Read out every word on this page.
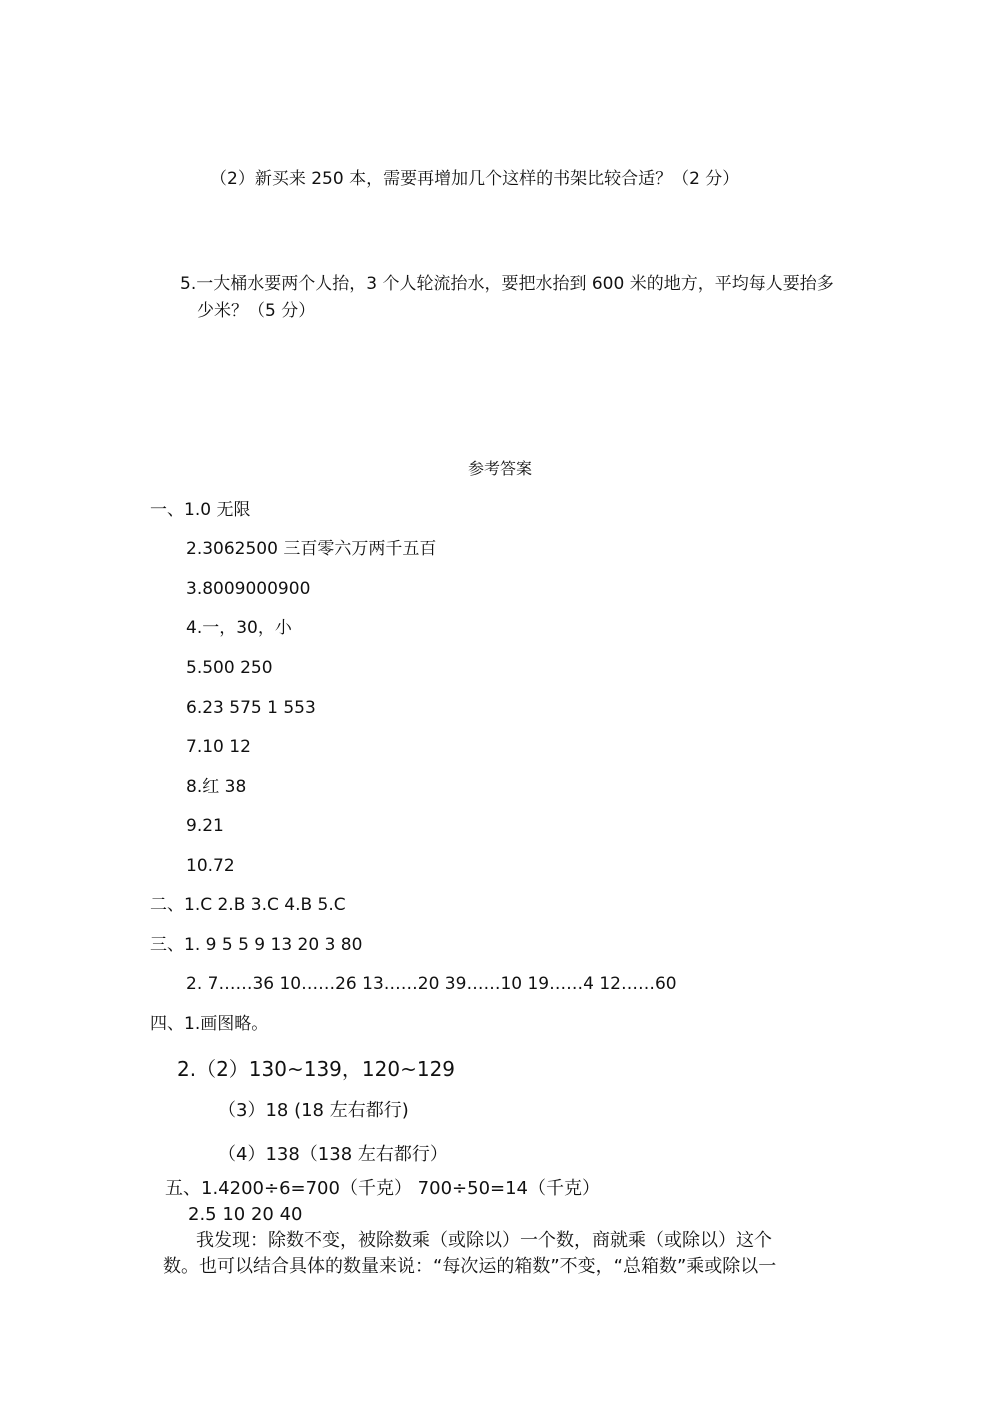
（2）新买来 250 本，需要再增加几个这样的书架比较合适？（2 分）
5.一大桶水要两个人抬，3 个人轮流抬水，要把水抬到 600 米的地方，平均每人要抬多
少米？（5 分）
参考答案
一、1.0 无限
2.3062500 三百零六万两千五百
3.8009000900
4.一，30，小
5.500 250
6.23 575 1 553
7.10 12
8.红 38
9.21
10.72
二、1.C 2.B 3.C 4.B 5.C
三、1. 9 5 5 9 13 20 3 80
2. 7……36 10……26 13……20 39……10 19……4 12……60
四、1.画图略。
2.（2）130~139，120~129
（3）18 (18 左右都行)
（4）138（138 左右都行）
五、1.4200÷6=700（千克） 700÷50=14（千克）
2.5 10 20 40
我发现：除数不变，被除数乘（或除以）一个数，商就乘（或除以）这个
数。也可以结合具体的数量来说：“每次运的箱数”不变，“总箱数”乘或除以一
